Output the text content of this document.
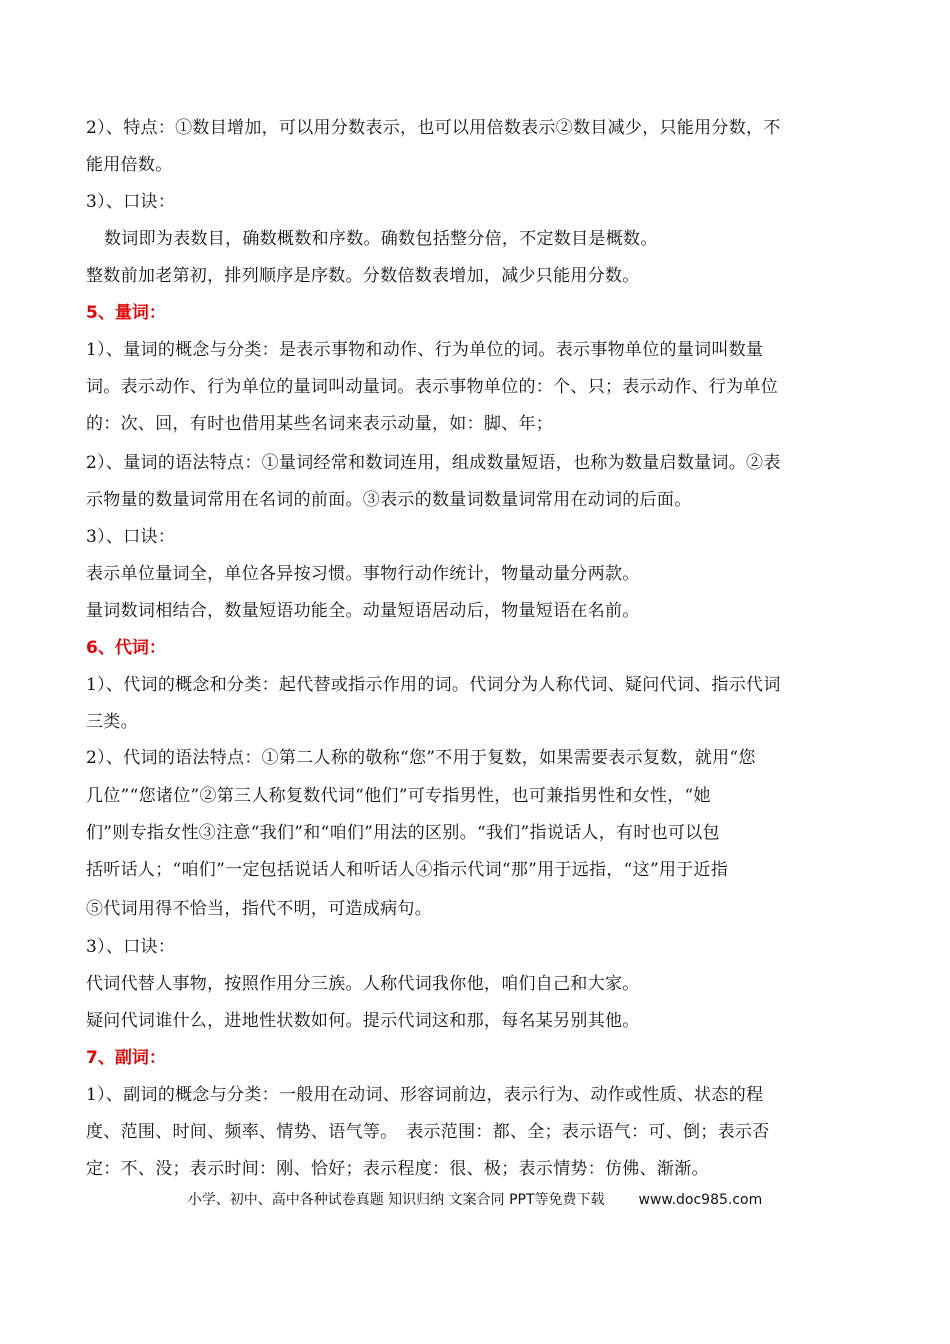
2）、特点：①数目增加，可以用分数表示，也可以用倍数表示②数目减少，只能用分数，不
能用倍数。
3）、口诀：
数词即为表数目，确数概数和序数。确数包括整分倍，不定数目是概数。
整数前加老第初，排列顺序是序数。分数倍数表增加，减少只能用分数。
5、量词：
1）、量词的概念与分类：是表示事物和动作、行为单位的词。表示事物单位的量词叫数量
词。表示动作、行为单位的量词叫动量词。表示事物单位的：个、只；表示动作、行为单位
的：次、回，有时也借用某些名词来表示动量，如：脚、年；
2）、量词的语法特点：①量词经常和数词连用，组成数量短语，也称为数量启数量词。②表
示物量的数量词常用在名词的前面。③表示的数量词数量词常用在动词的后面。
3）、口诀：
表示单位量词全，单位各异按习惯。事物行动作统计，物量动量分两款。
量词数词相结合，数量短语功能全。动量短语居动后，物量短语在名前。
6、代词：
1）、代词的概念和分类：起代替或指示作用的词。代词分为人称代词、疑问代词、指示代词
三类。
2）、代词的语法特点：①第二人称的敬称“您”不用于复数，如果需要表示复数，就用“您
几位”“您诸位”②第三人称复数代词“他们”可专指男性，也可兼指男性和女性，“她
们”则专指女性③注意“我们”和“咱们”用法的区别。“我们”指说话人，有时也可以包
括听话人；“咱们”一定包括说话人和听话人④指示代词“那”用于远指，“这”用于近指
⑤代词用得不恰当，指代不明，可造成病句。
3）、口诀：
代词代替人事物，按照作用分三族。人称代词我你他，咱们自己和大家。
疑问代词谁什么，进地性状数如何。提示代词这和那，每名某另别其他。
7、副词：
1）、副词的概念与分类：一般用在动词、形容词前边，表示行为、动作或性质、状态的程
度、范围、时间、频率、情势、语气等。　表示范围：都、全；表示语气：可、倒；表示否
定：不、没；表示时间：刚、恰好；表示程度：很、极；表示情势：仿佛、渐渐。
小学、初中、高中各种试卷真题 知识归纳 文案合同 PPT等免费下载 www.doc985.com
